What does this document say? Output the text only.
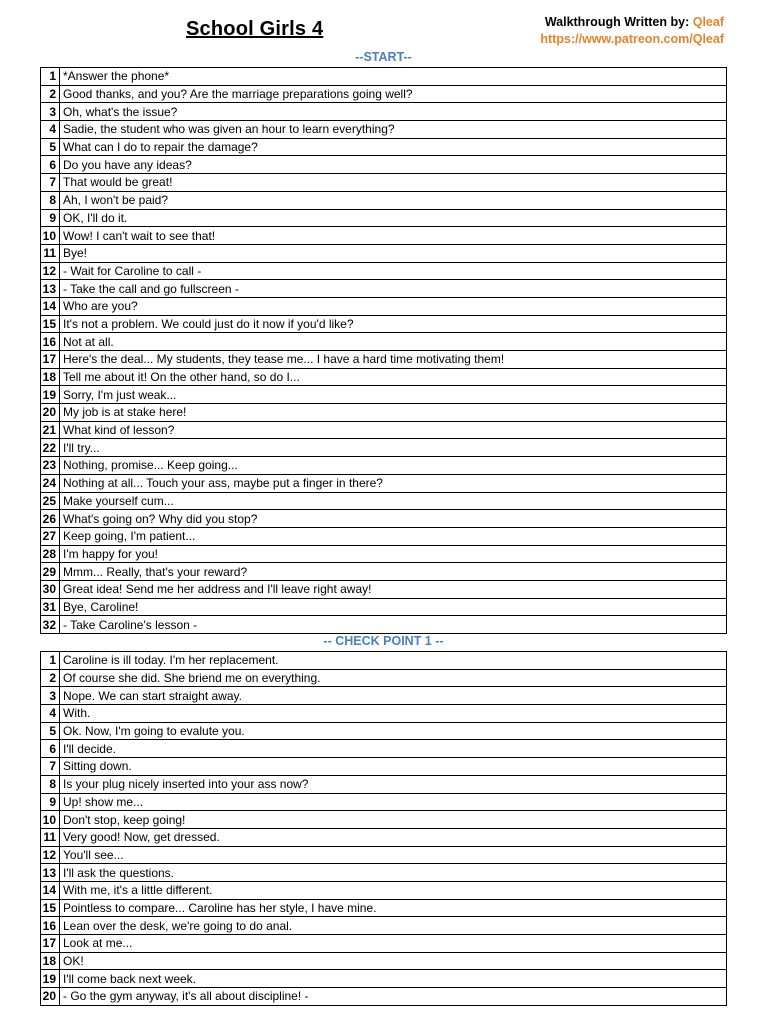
School Girls 4	Walkthrough Written by: Qleaf
https://www.patreon.com/Qleaf
--START--
1	*Answer the phone*
2	Good thanks, and you? Are the marriage preparations going well?
3	Oh, what's the issue?
4	Sadie, the student who was given an hour to learn everything?
5	What can I do to repair the damage?
6	Do you have any ideas?
7	That would be great!
8	Ah, I won't be paid?
9	OK, I'll do it.
10	Wow! I can't wait to see that!
11	Bye!
12	- Wait for Caroline to call -
13	- Take the call and go fullscreen -
14	Who are you?
15	It's not a problem. We could just do it now if you'd like?
16	Not at all.
17	Here's the deal... My students, they tease me... I have a hard time motivating them!
18	Tell me about it! On the other hand, so do I...
19	Sorry, I'm just weak...
20	My job is at stake here!
21	What kind of lesson?
22	I'll try...
23	Nothing, promise... Keep going...
24	Nothing at all... Touch your ass, maybe put a finger in there?
25	Make yourself cum...
26	What's going on? Why did you stop?
27	Keep going, I'm patient...
28	I'm happy for you!
29	Mmm... Really, that's your reward?
30	Great idea! Send me her address and I'll leave right away!
31	Bye, Caroline!
32	- Take Caroline's lesson -
-- CHECK POINT 1 --
1	Caroline is ill today. I'm her replacement.
2	Of course she did. She briend me on everything.
3	Nope. We can start straight away.
4	With.
5	Ok. Now, I'm going to evalute you.
6	I'll decide.
7	Sitting down.
8	Is your plug nicely inserted into your ass now?
9	Up! show me...
10	Don't stop, keep going!
11	Very good! Now, get dressed.
12	You'll see...
13	I'll ask the questions.
14	With me, it's a little different.
15	Pointless to compare... Caroline has her style, I have mine.
16	Lean over the desk, we're going to do anal.
17	Look at me...
18	OK!
19	I'll come back next week.
20	- Go the gym anyway, it's all about discipline! -
